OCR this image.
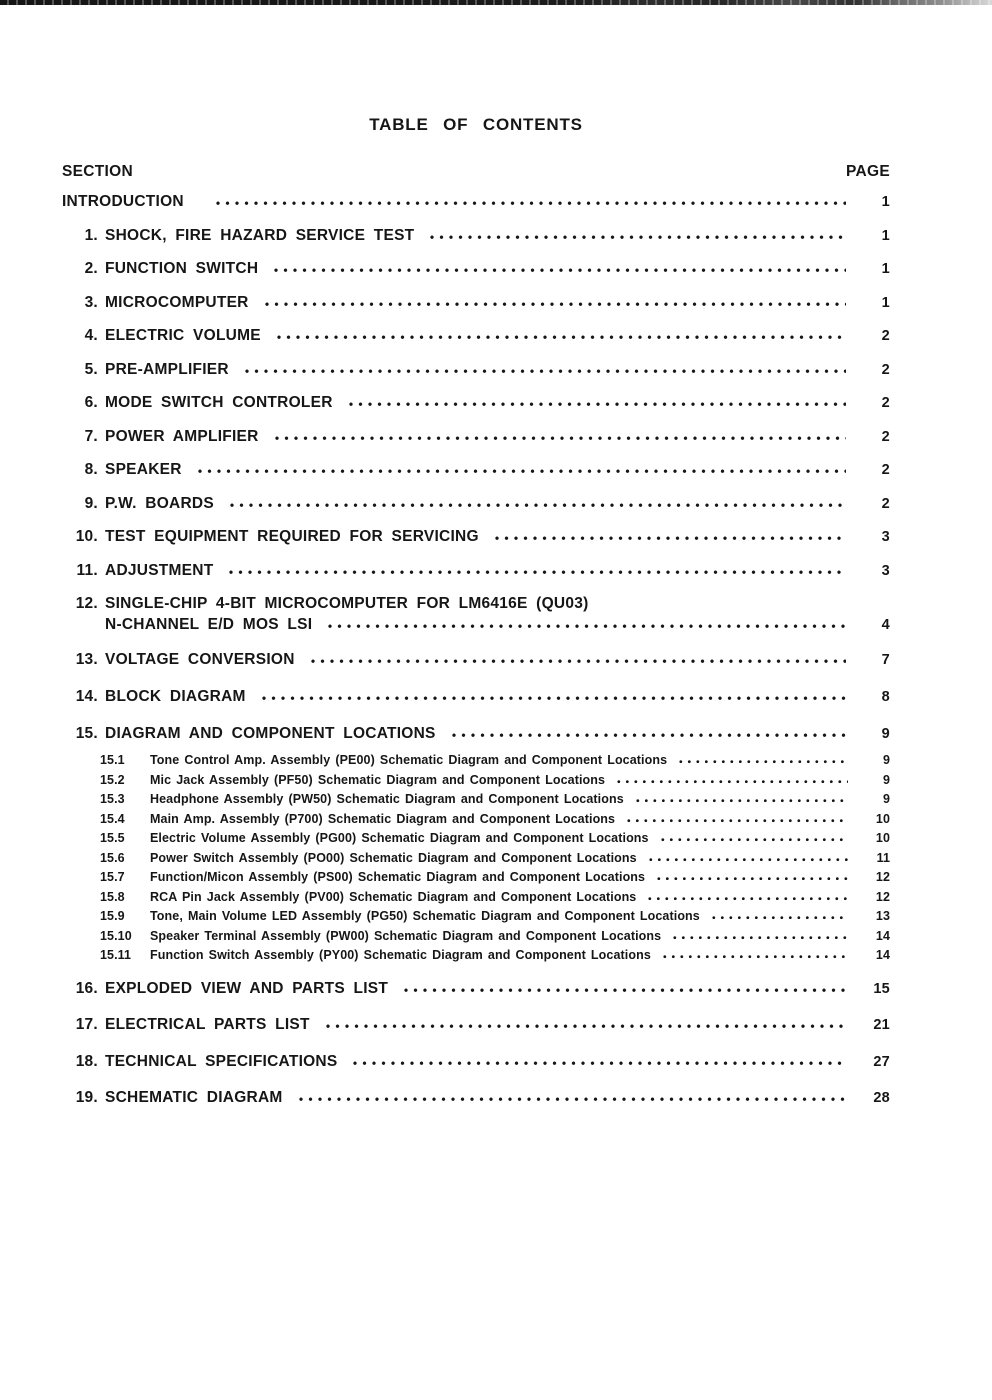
TABLE OF CONTENTS
SECTION	PAGE
INTRODUCTION	1
1. SHOCK, FIRE HAZARD SERVICE TEST	1
2. FUNCTION SWITCH	1
3. MICROCOMPUTER	1
4. ELECTRIC VOLUME	2
5. PRE-AMPLIFIER	2
6. MODE SWITCH CONTROLER	2
7. POWER AMPLIFIER	2
8. SPEAKER	2
9. P.W. BOARDS	2
10. TEST EQUIPMENT REQUIRED FOR SERVICING	3
11. ADJUSTMENT	3
12. SINGLE-CHIP 4-BIT MICROCOMPUTER FOR LM6416E (QU03)
N-CHANNEL E/D MOS LSI	4
13. VOLTAGE CONVERSION	7
14. BLOCK DIAGRAM	8
15. DIAGRAM AND COMPONENT LOCATIONS	9
15.1	Tone Control Amp. Assembly (PE00) Schematic Diagram and Component Locations	9
15.2	Mic Jack Assembly (PF50) Schematic Diagram and Component Locations	9
15.3	Headphone Assembly (PW50) Schematic Diagram and Component Locations	9
15.4	Main Amp. Assembly (P700) Schematic Diagram and Component Locations	10
15.5	Electric Volume Assembly (PG00) Schematic Diagram and Component Locations	10
15.6	Power Switch Assembly (PO00) Schematic Diagram and Component Locations	11
15.7	Function/Micon Assembly (PS00) Schematic Diagram and Component Locations	12
15.8	RCA Pin Jack Assembly (PV00) Schematic Diagram and Component Locations	12
15.9	Tone, Main Volume LED Assembly (PG50) Schematic Diagram and Component Locations	13
15.10	Speaker Terminal Assembly (PW00) Schematic Diagram and Component Locations	14
15.11	Function Switch Assembly (PY00) Schematic Diagram and Component Locations	14
16. EXPLODED VIEW AND PARTS LIST	15
17. ELECTRICAL PARTS LIST	21
18. TECHNICAL SPECIFICATIONS	27
19. SCHEMATIC DIAGRAM	28
